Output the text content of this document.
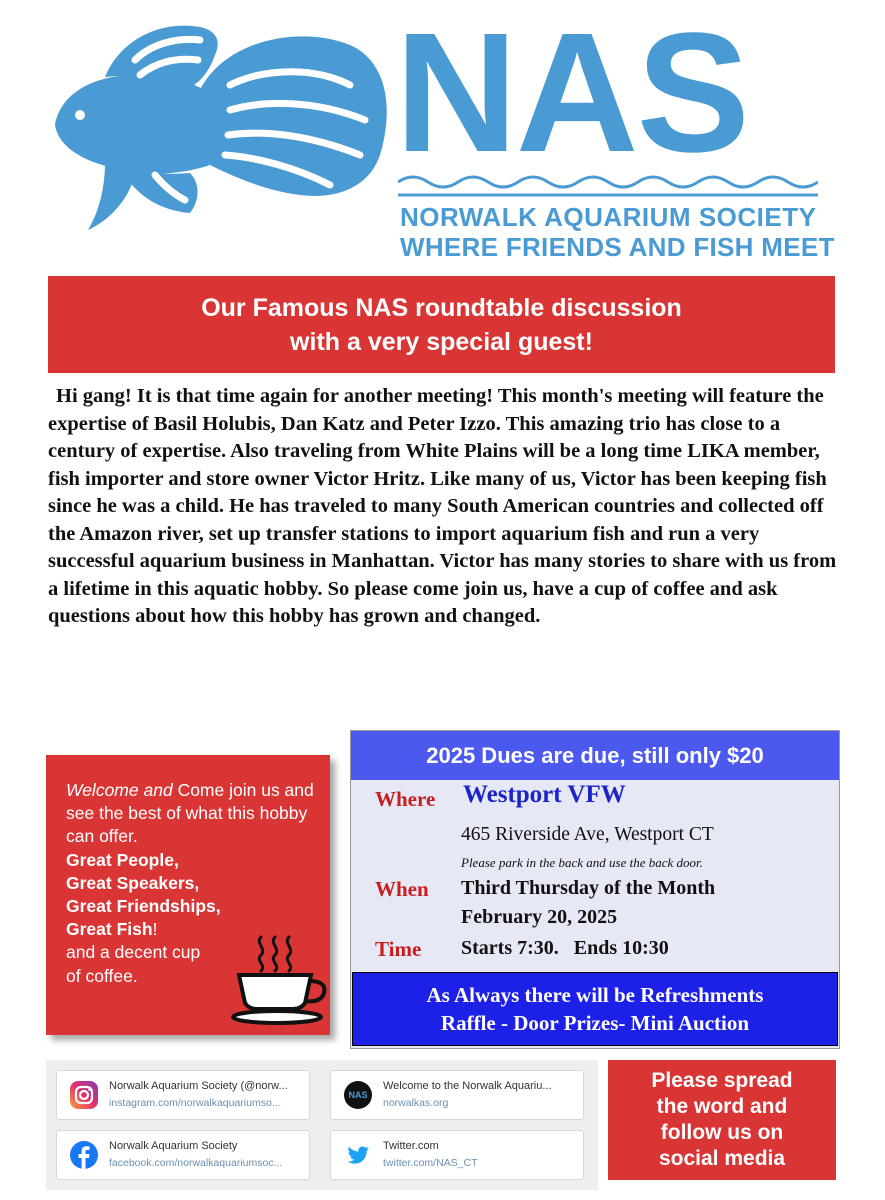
NAS
NORWALK AQUARIUM SOCIETY
WHERE FRIENDS AND FISH MEET
Our Famous NAS roundtable discussion
with a very special guest!
Hi gang! It is that time again for another meeting! This month's meeting will feature the expertise of Basil Holubis, Dan Katz and Peter Izzo. This amazing trio has close to a century of expertise. Also traveling from White Plains will be a long time LIKA member, fish importer and store owner Victor Hritz. Like many of us, Victor has been keeping fish since he was a child. He has traveled to many South American countries and collected off the Amazon river, set up transfer stations to import aquarium fish and run a very successful aquarium business in Manhattan. Victor has many stories to share with us from a lifetime in this aquatic hobby. So please come join us, have a cup of coffee and ask questions about how this hobby has grown and changed.
Welcome and Come join us and see the best of what this hobby can offer.
Great People,
Great Speakers,
Great Friendships,
Great Fish!
and a decent cup of coffee.
2025 Dues are due, still only $20
Where Westport VFW
465 Riverside Ave, Westport CT
Please park in the back and use the back door.
When Third Thursday of the Month
February 20, 2025
Time Starts 7:30.   Ends 10:30
As Always there will be Refreshments
Raffle - Door Prizes- Mini Auction
Norwalk Aquarium Society (@norw...
instagram.com/norwalkaquariumso...
NAS
Welcome to the Norwalk Aquariu...
norwalkas.org
Norwalk Aquarium Society
facebook.com/norwalkaquariumsoc...
Twitter.com
twitter.com/NAS_CT
Please spread
the word and
follow us on
social media
